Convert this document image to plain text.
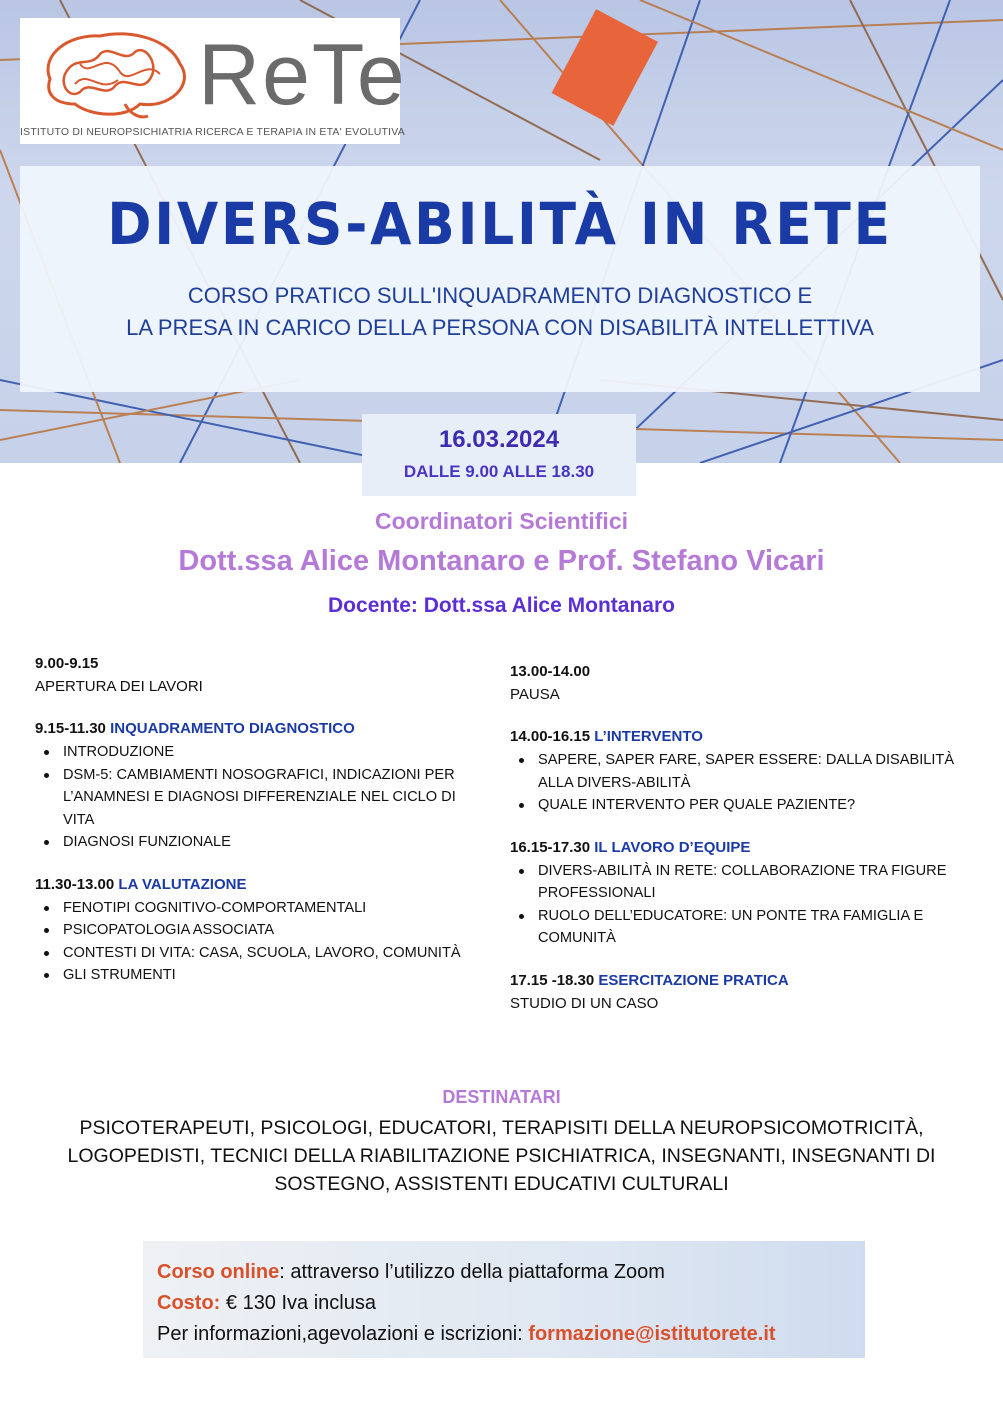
ReTe
ISTITUTO DI NEUROPSICHIATRIA RICERCA E TERAPIA IN ETA' EVOLUTIVA
DIVERS-ABILITÀ IN RETE
CORSO PRATICO SULL'INQUADRAMENTO DIAGNOSTICO E
LA PRESA IN CARICO DELLA PERSONA CON DISABILITÀ INTELLETTIVA
16.03.2024
DALLE 9.00 ALLE 18.30
Coordinatori Scientifici
Dott.ssa Alice Montanaro e Prof. Stefano Vicari
Docente: Dott.ssa Alice Montanaro
9.00-9.15
APERTURA DEI LAVORI
9.15-11.30 INQUADRAMENTO DIAGNOSTICO
INTRODUZIONE
DSM-5: CAMBIAMENTI NOSOGRAFICI, INDICAZIONI PER L’ANAMNESI E DIAGNOSI DIFFERENZIALE NEL CICLO DI VITA
DIAGNOSI FUNZIONALE
11.30-13.00 LA VALUTAZIONE
FENOTIPI COGNITIVO-COMPORTAMENTALI
PSICOPATOLOGIA ASSOCIATA
CONTESTI DI VITA: CASA, SCUOLA, LAVORO, COMUNITÀ
GLI STRUMENTI
13.00-14.00
PAUSA
14.00-16.15 L’INTERVENTO
SAPERE, SAPER FARE, SAPER ESSERE: DALLA DISABILITÀ ALLA DIVERS-ABILITÀ
QUALE INTERVENTO PER QUALE PAZIENTE?
16.15-17.30 IL LAVORO D’EQUIPE
DIVERS-ABILITÀ IN RETE: COLLABORAZIONE TRA FIGURE PROFESSIONALI
RUOLO DELL’EDUCATORE: UN PONTE TRA FAMIGLIA E COMUNITÀ
17.15 -18.30 ESERCITAZIONE PRATICA
STUDIO DI UN CASO
DESTINATARI
PSICOTERAPEUTI, PSICOLOGI, EDUCATORI, TERAPISITI DELLA NEUROPSICOMOTRICITÀ, LOGOPEDISTI, TECNICI DELLA RIABILITAZIONE PSICHIATRICA, INSEGNANTI, INSEGNANTI DI SOSTEGNO, ASSISTENTI EDUCATIVI CULTURALI
Corso online: attraverso l’utilizzo della piattaforma Zoom
Costo: € 130 Iva inclusa
Per informazioni,agevolazioni e iscrizioni: formazione@istitutorete.it
